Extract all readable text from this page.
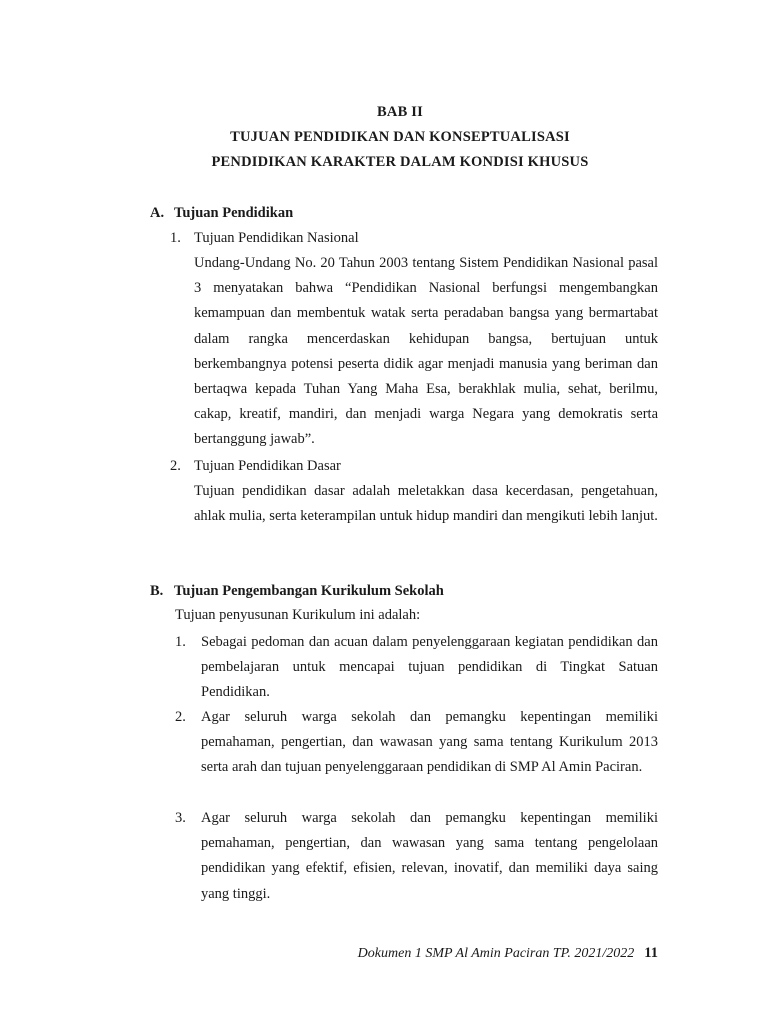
BAB II
TUJUAN PENDIDIKAN DAN KONSEPTUALISASI
PENDIDIKAN KARAKTER DALAM KONDISI KHUSUS
A. Tujuan Pendidikan
1. Tujuan Pendidikan Nasional
Undang-Undang No. 20 Tahun 2003 tentang Sistem Pendidikan Nasional pasal 3 menyatakan bahwa “Pendidikan Nasional berfungsi mengembangkan kemampuan dan membentuk watak serta peradaban bangsa yang bermartabat dalam rangka mencerdaskan kehidupan bangsa, bertujuan untuk berkembangnya potensi peserta didik agar menjadi manusia yang beriman dan bertaqwa kepada Tuhan Yang Maha Esa, berakhlak mulia, sehat, berilmu, cakap, kreatif, mandiri, dan menjadi warga Negara yang demokratis serta bertanggung jawab”.
2. Tujuan Pendidikan Dasar
Tujuan pendidikan dasar adalah meletakkan dasa kecerdasan, pengetahuan, ahlak mulia, serta keterampilan untuk hidup mandiri dan mengikuti lebih lanjut.
B. Tujuan Pengembangan Kurikulum Sekolah
Tujuan penyusunan Kurikulum ini adalah:
1. Sebagai pedoman dan acuan dalam penyelenggaraan kegiatan pendidikan dan pembelajaran untuk mencapai tujuan pendidikan di Tingkat Satuan Pendidikan.
2. Agar seluruh warga sekolah dan pemangku kepentingan memiliki pemahaman, pengertian, dan wawasan yang sama tentang Kurikulum 2013 serta arah dan tujuan penyelenggaraan pendidikan di SMP Al Amin Paciran.
3. Agar seluruh warga sekolah dan pemangku kepentingan memiliki pemahaman, pengertian, dan wawasan yang sama tentang pengelolaan pendidikan yang efektif, efisien, relevan, inovatif, dan memiliki daya saing yang tinggi.
Dokumen 1 SMP Al Amin Paciran TP. 2021/2022 11
